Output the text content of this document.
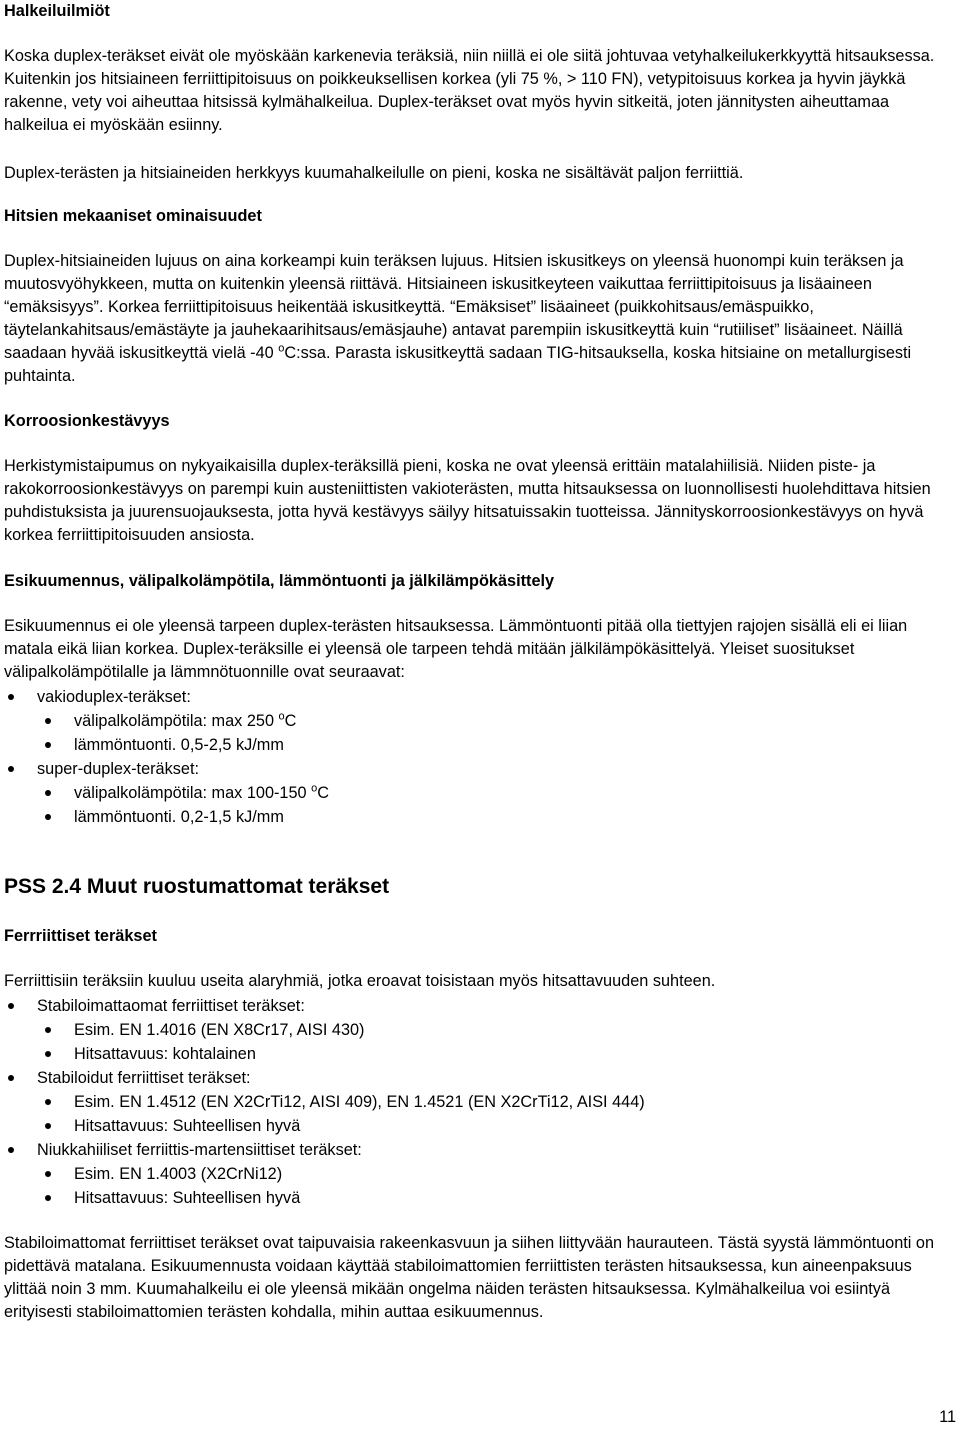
Halkeiluilmiöt

Koska duplex-teräkset eivät ole myöskään karkenevia teräksiä, niin niillä ei ole siitä johtuvaa vetyhalkeilukerkkyyttä hitsauksessa. Kuitenkin jos hitsiaineen ferriittipitoisuus on poikkeuksellisen korkea (yli 75 %, > 110 FN), vetypitoisuus korkea ja hyvin jäykkä rakenne, vety voi aiheuttaa hitsissä kylmähalkeilua. Duplex-teräkset ovat myös hyvin sitkeitä, joten jännitysten aiheuttamaa halkeilua ei myöskään esiinny.

Duplex-terästen ja hitsiaineiden herkkyys kuumahalkeilulle on pieni, koska ne sisältävät paljon ferriittiä.

Hitsien mekaaniset ominaisuudet

Duplex-hitsiaineiden lujuus on aina korkeampi kuin teräksen lujuus. Hitsien iskusitkeys on yleensä huonompi kuin teräksen ja muutosvyöhykkeen, mutta on kuitenkin yleensä riittävä. Hitsiaineen iskusitkeyteen vaikuttaa ferriittipitoisuus ja lisäaineen “emäksisyys”. Korkea ferriittipitoisuus heikentää iskusitkeyttä. “Emäksiset” lisäaineet (puikkohitsaus/emäspuikko, täytelankahitsaus/emästäyte ja jauhekaarihitsaus/emäsjauhe) antavat parempiin iskusitkeyttä kuin “rutiiliset” lisäaineet. Näillä saadaan hyvää iskusitkeyttä vielä -40 $^o$C:ssa. Parasta iskusitkeyttä sadaan TIG-hitsauksella, koska hitsiaine on metallurgisesti puhtainta.

Korroosionkestävyys

Herkistymistaipumus on nykyaikaisilla duplex-teräksillä pieni, koska ne ovat yleensä erittäin matalahiilisiä. Niiden piste- ja rakokorroosionkestävyys on parempi kuin austeniittisten vakioterästen, mutta hitsauksessa on luonnollisesti huolehdittava hitsien puhdistuksista ja juurensuojauksesta, jotta hyvä kestävyys säilyy hitsatuissakin tuotteissa. Jännityskorroosionkestävyys on hyvä korkea ferriittipitoisuuden ansiosta.

Esikuumennus, välipalkolämpötila, lämmöntuonti ja jälkilämpökäsittely

Esikuumennus ei ole yleensä tarpeen duplex-terästen hitsauksessa. Lämmöntuonti pitää olla tiettyjen rajojen sisällä eli ei liian matala eikä liian korkea. Duplex-teräksille ei yleensä ole tarpeen tehdä mitään jälkilämpökäsittelyä. Yleiset suositukset välipalkolämpötilalle ja lämmnötuonnille ovat seuraavat:

vakioduplex-teräkset:
välipalkolämpötila: max 250 $^o$C
lämmöntuonti. 0,5-2,5 kJ/mm
super-duplex-teräkset:
välipalkolämpötila: max 100-150 $^o$C
lämmöntuonti. 0,2-1,5 kJ/mm
PSS 2.4 Muut ruostumattomat teräkset
Ferrriittiset teräkset

Ferriittisiin teräksiin kuuluu useita alaryhmiä, jotka eroavat toisistaan myös hitsattavuuden suhteen.

Stabiloimattaomat ferriittiset teräkset:
Esim. EN 1.4016 (EN X8Cr17, AISI 430)
Hitsattavuus: kohtalainen
Stabiloidut ferriittiset teräkset:
Esim. EN 1.4512 (EN X2CrTi12, AISI 409), EN 1.4521 (EN X2CrTi12, AISI 444)
Hitsattavuus: Suhteellisen hyvä
Niukkahiiliset ferriittis-martensiittiset teräkset:
Esim. EN 1.4003 (X2CrNi12)
Hitsattavuus: Suhteellisen hyvä

Stabiloimattomat ferriittiset teräkset ovat taipuvaisia rakeenkasvuun ja siihen liittyvään haurauteen. Tästä syystä lämmöntuonti on pidettävä matalana. Esikuumennusta voidaan käyttää stabiloimattomien ferriittisten terästen hitsauksessa, kun aineenpaksuus ylittää noin 3 mm. Kuumahalkeilu ei ole yleensä mikään ongelma näiden terästen hitsauksessa. Kylmähalkeilua voi esiintyä erityisesti stabiloimattomien terästen kohdalla, mihin auttaa esikuumennus.

11
